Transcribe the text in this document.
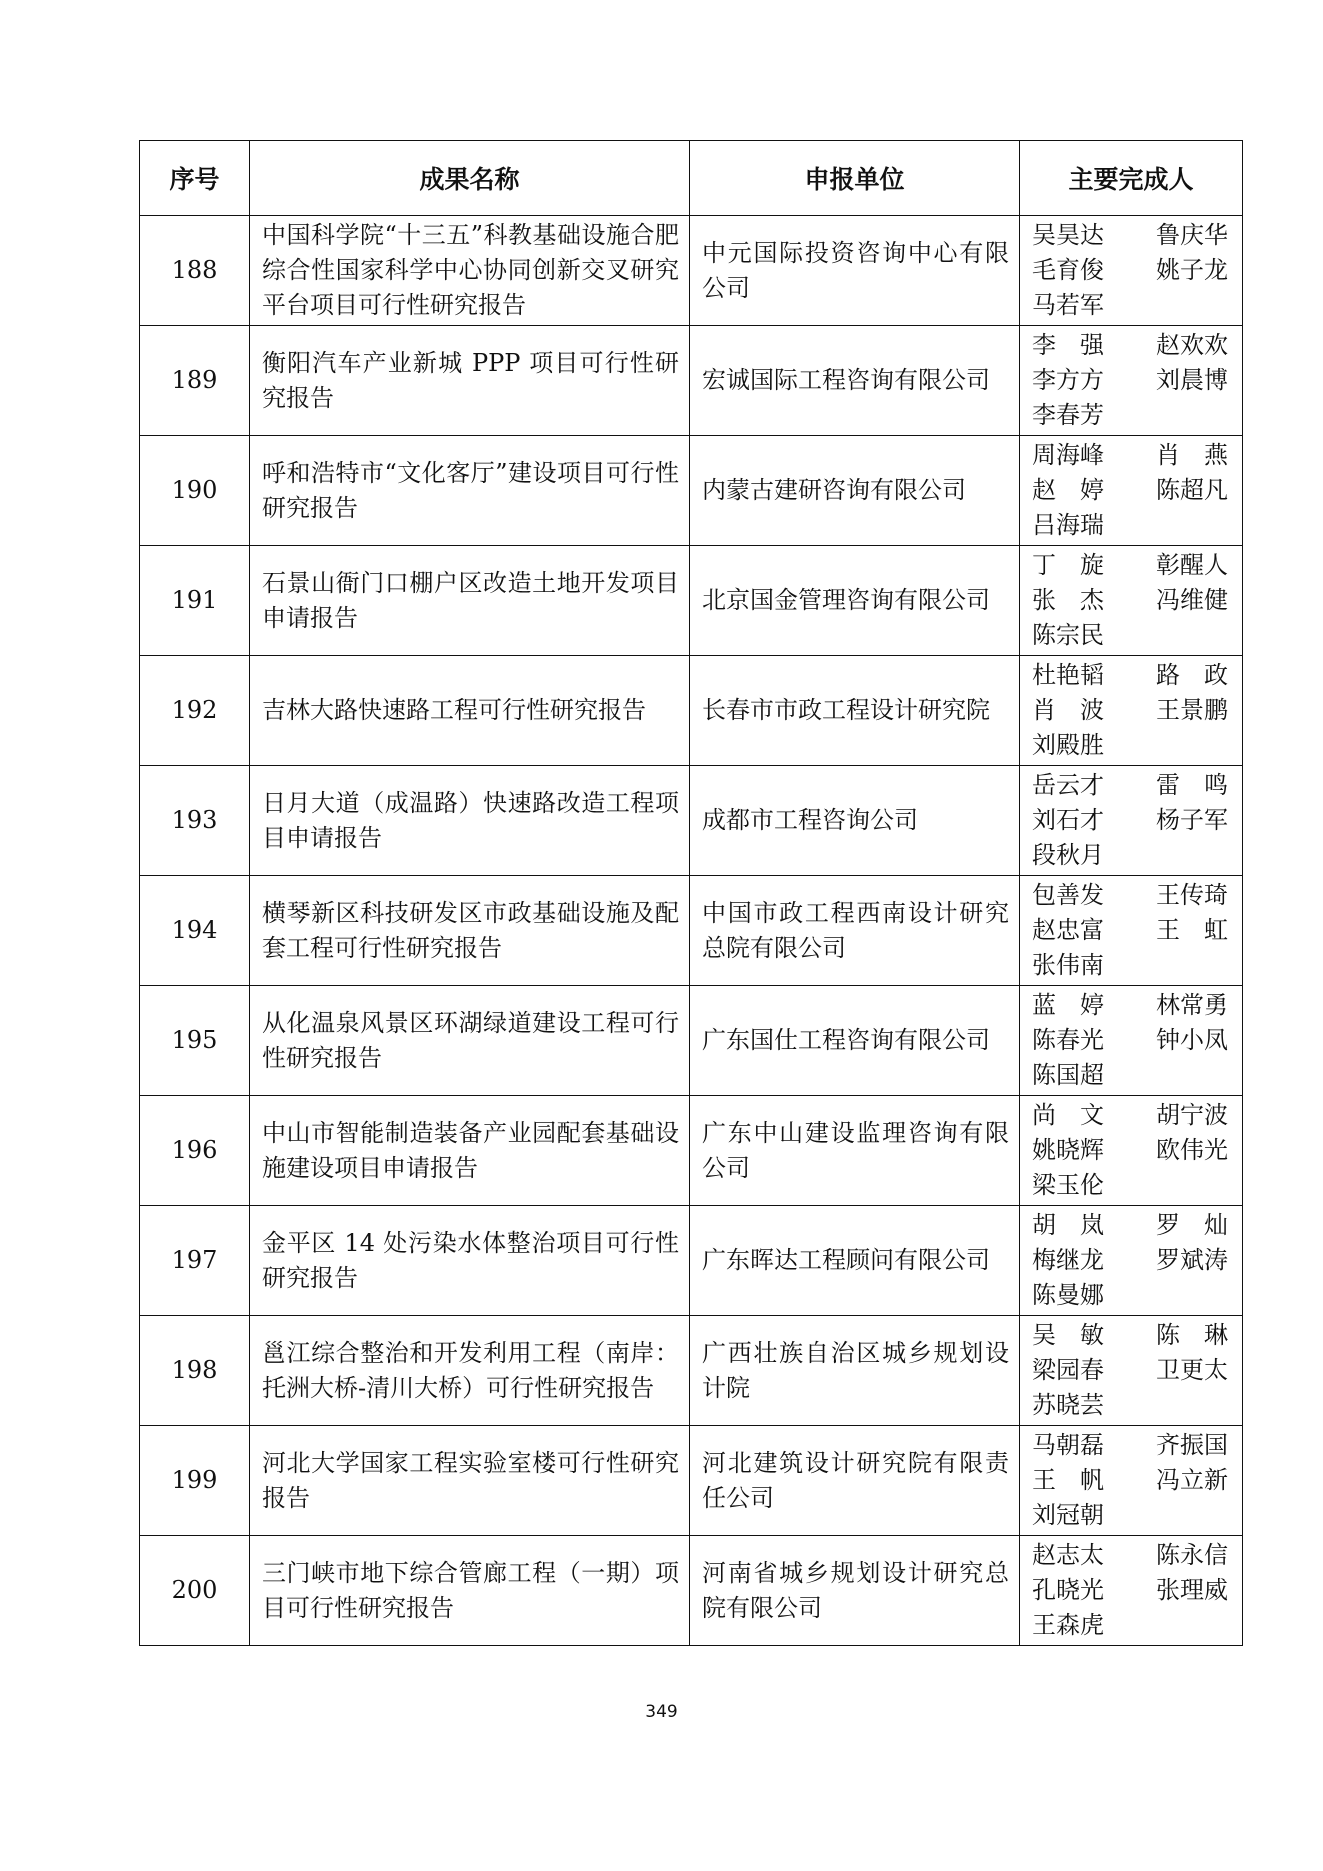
序号	成果名称	申报单位	主要完成人
188	中国科学院“十三五”科教基础设施合肥综合性国家科学中心协同创新交叉研究平台项目可行性研究报告	中元国际投资咨询中心有限公司	吴昊达 鲁庆华
毛育俊 姚子龙
马若军

189	衡阳汽车产业新城 PPP 项目可行性研究报告	宏诚国际工程咨询有限公司	李　强 赵欢欢
李方方 刘晨博
李春芳

190	呼和浩特市“文化客厅”建设项目可行性研究报告	内蒙古建研咨询有限公司	周海峰 肖　燕
赵　婷 陈超凡
吕海瑞

191	石景山衙门口棚户区改造土地开发项目申请报告	北京国金管理咨询有限公司	丁　旋 彰醒人
张　杰 冯维健
陈宗民

192	吉林大路快速路工程可行性研究报告	长春市市政工程设计研究院	杜艳韬 路　政
肖　波 王景鹏
刘殿胜

193	日月大道（成温路）快速路改造工程项目申请报告	成都市工程咨询公司	岳云才 雷　鸣
刘石才 杨子军
段秋月

194	横琴新区科技研发区市政基础设施及配套工程可行性研究报告	中国市政工程西南设计研究总院有限公司	包善发 王传琦
赵忠富 王　虹
张伟南

195	从化温泉风景区环湖绿道建设工程可行性研究报告	广东国仕工程咨询有限公司	蓝　婷 林常勇
陈春光 钟小凤
陈国超

196	中山市智能制造装备产业园配套基础设施建设项目申请报告	广东中山建设监理咨询有限公司	尚　文 胡宁波
姚晓辉 欧伟光
梁玉伦

197	金平区 14 处污染水体整治项目可行性研究报告	广东晖达工程顾问有限公司	胡　岚 罗　灿
梅继龙 罗斌涛
陈曼娜

198	邕江综合整治和开发利用工程（南岸：托洲大桥-清川大桥）可行性研究报告	广西壮族自治区城乡规划设计院	吴　敏 陈　琳
梁园春 卫更太
苏晓芸

199	河北大学国家工程实验室楼可行性研究报告	河北建筑设计研究院有限责任公司	马朝磊 齐振国
王　帆 冯立新
刘冠朝

200	三门峡市地下综合管廊工程（一期）项目可行性研究报告	河南省城乡规划设计研究总院有限公司	赵志太 陈永信
孔晓光 张理威
王森虎
349
